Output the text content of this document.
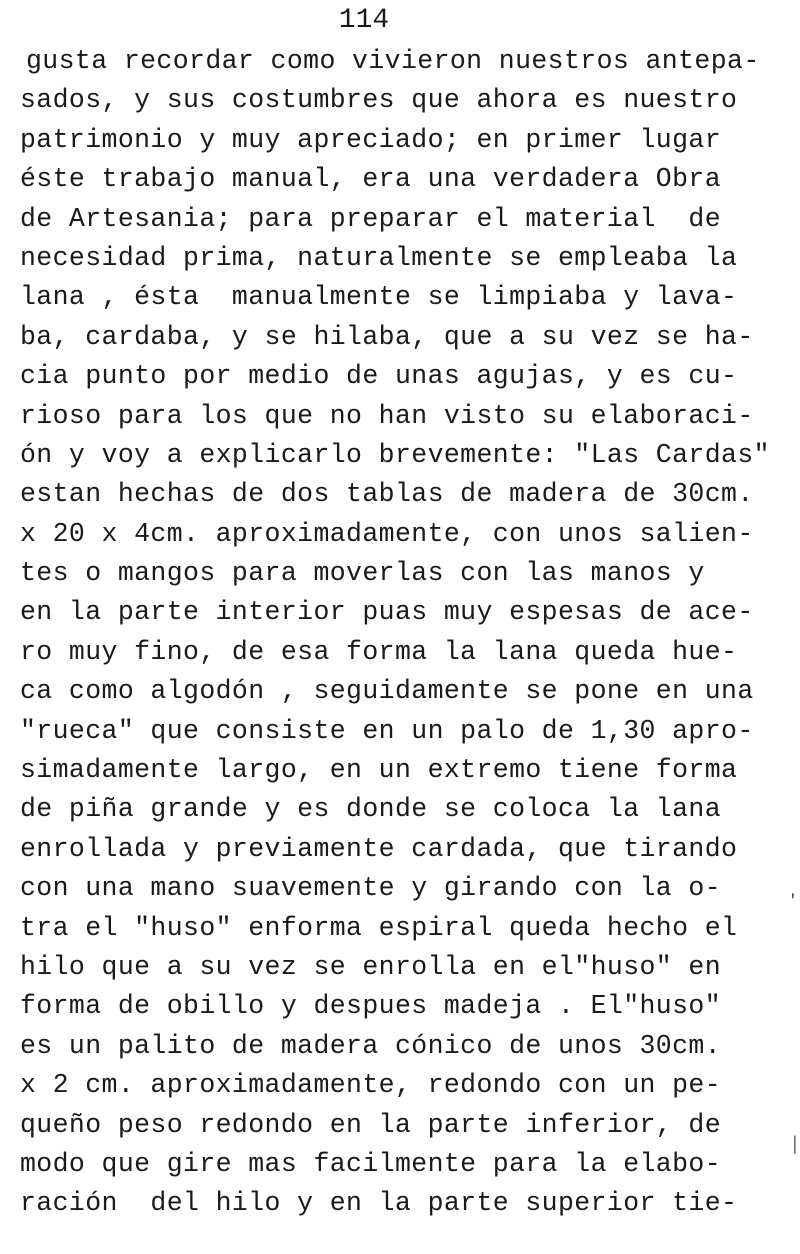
114
gusta recordar como vivieron nuestros antepa-
sados, y sus costumbres que ahora es nuestro
patrimonio y muy apreciado; en primer lugar
éste trabajo manual, era una verdadera Obra
de Artesania; para preparar el material  de
necesidad prima, naturalmente se empleaba la
lana , ésta  manualmente se limpiaba y lava-
ba, cardaba, y se hilaba, que a su vez se ha-
cia punto por medio de unas agujas, y es cu-
rioso para los que no han visto su elaboraci-
ón y voy a explicarlo brevemente: "Las Cardas"
estan hechas de dos tablas de madera de 30cm.
x 20 x 4cm. aproximadamente, con unos salien-
tes o mangos para moverlas con las manos y
en la parte interior puas muy espesas de ace-
ro muy fino, de esa forma la lana queda hue-
ca como algodón , seguidamente se pone en una
"rueca" que consiste en un palo de 1,30 apro-
simadamente largo, en un extremo tiene forma
de piña grande y es donde se coloca la lana
enrollada y previamente cardada, que tirando
con una mano suavemente y girando con la o-
tra el "huso" enforma espiral queda hecho el
hilo que a su vez se enrolla en el"huso" en
forma de obillo y despues madeja . El"huso"
es un palito de madera cónico de unos 30cm.
x 2 cm. aproximadamente, redondo con un pe-
queño peso redondo en la parte inferior, de
modo que gire mas facilmente para la elabo-
ración  del hilo y en la parte superior tie-
′
│
